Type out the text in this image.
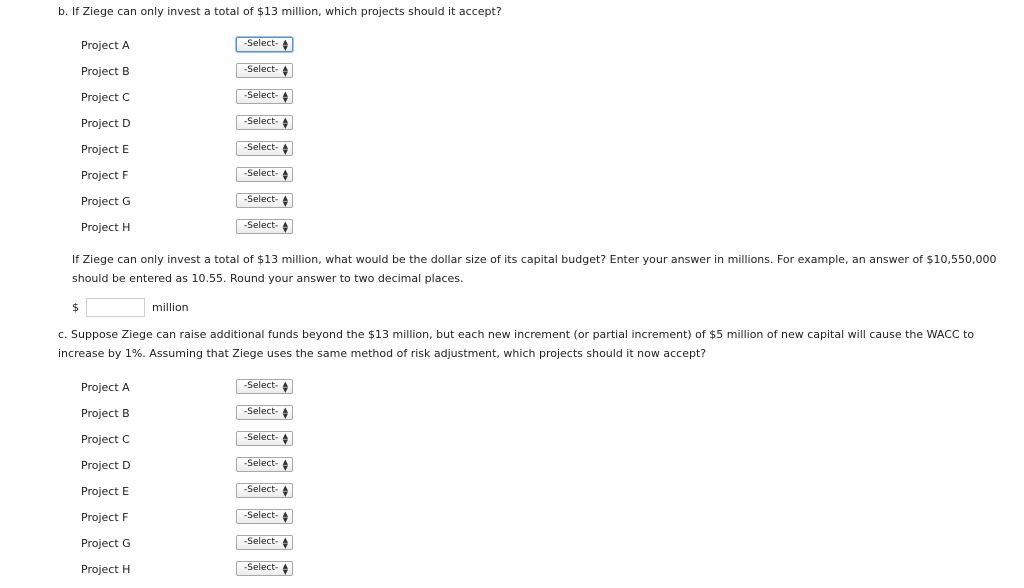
b. If Ziege can only invest a total of $13 million, which projects should it accept?
Project A	-Select- ▲
▼
Project B	-Select- ▲
▼
Project C	-Select- ▲
▼
Project D	-Select- ▲
▼
Project E	-Select- ▲
▼
Project F	-Select- ▲
▼
Project G	-Select- ▲
▼
Project H	-Select- ▲
▼
If Ziege can only invest a total of $13 million, what would be the dollar size of its capital budget? Enter your answer in millions. For example, an answer of $10,550,000 should be entered as 10.55. Round your answer to two decimal places.
$	million
c. Suppose Ziege can raise additional funds beyond the $13 million, but each new increment (or partial increment) of $5 million of new capital will cause the WACC to increase by 1%. Assuming that Ziege uses the same method of risk adjustment, which projects should it now accept?
Project A	-Select- ▲
▼
Project B	-Select- ▲
▼
Project C	-Select- ▲
▼
Project D	-Select- ▲
▼
Project E	-Select- ▲
▼
Project F	-Select- ▲
▼
Project G	-Select- ▲
▼
Project H	-Select- ▲
▼
